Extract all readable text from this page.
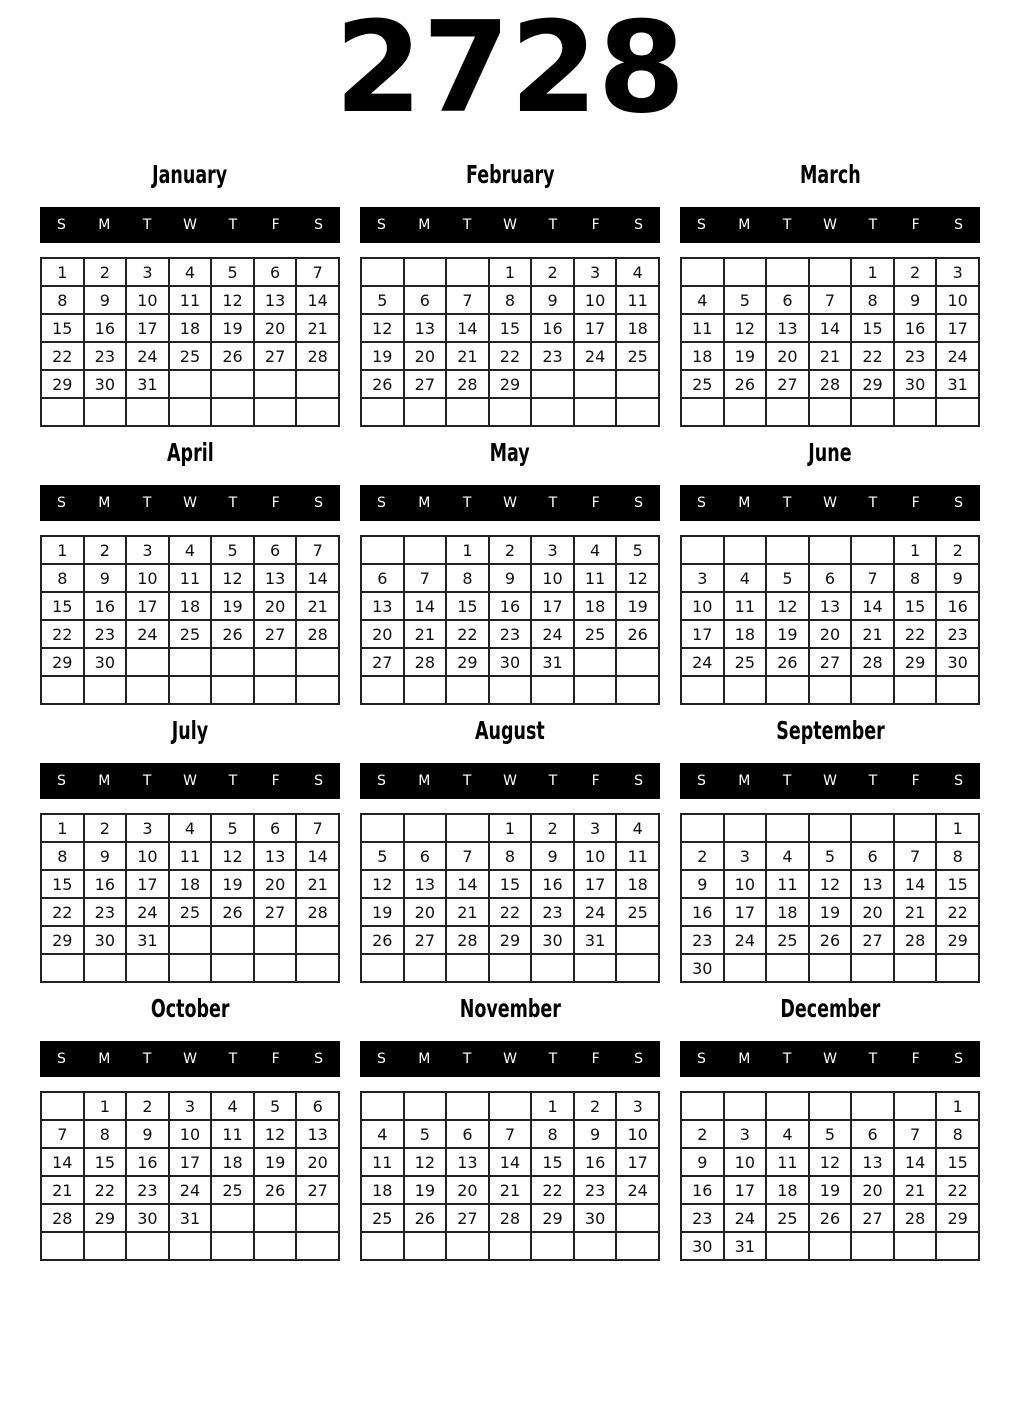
2728
January
S	M	T	W	T	F	S
1	2	3	4	5	6	7
8	9	10	11	12	13	14
15	16	17	18	19	20	21
22	23	24	25	26	27	28
29	30	31				

February
S	M	T	W	T	F	S
			1	2	3	4
5	6	7	8	9	10	11
12	13	14	15	16	17	18
19	20	21	22	23	24	25
26	27	28	29			

March
S	M	T	W	T	F	S
				1	2	3
4	5	6	7	8	9	10
11	12	13	14	15	16	17
18	19	20	21	22	23	24
25	26	27	28	29	30	31

April
S	M	T	W	T	F	S
1	2	3	4	5	6	7
8	9	10	11	12	13	14
15	16	17	18	19	20	21
22	23	24	25	26	27	28
29	30					

May
S	M	T	W	T	F	S
		1	2	3	4	5
6	7	8	9	10	11	12
13	14	15	16	17	18	19
20	21	22	23	24	25	26
27	28	29	30	31		

June
S	M	T	W	T	F	S
					1	2
3	4	5	6	7	8	9
10	11	12	13	14	15	16
17	18	19	20	21	22	23
24	25	26	27	28	29	30

July
S	M	T	W	T	F	S
1	2	3	4	5	6	7
8	9	10	11	12	13	14
15	16	17	18	19	20	21
22	23	24	25	26	27	28
29	30	31				

August
S	M	T	W	T	F	S
			1	2	3	4
5	6	7	8	9	10	11
12	13	14	15	16	17	18
19	20	21	22	23	24	25
26	27	28	29	30	31	

September
S	M	T	W	T	F	S
						1
2	3	4	5	6	7	8
9	10	11	12	13	14	15
16	17	18	19	20	21	22
23	24	25	26	27	28	29
30						
October
S	M	T	W	T	F	S
	1	2	3	4	5	6
7	8	9	10	11	12	13
14	15	16	17	18	19	20
21	22	23	24	25	26	27
28	29	30	31			

November
S	M	T	W	T	F	S
				1	2	3
4	5	6	7	8	9	10
11	12	13	14	15	16	17
18	19	20	21	22	23	24
25	26	27	28	29	30	

December
S	M	T	W	T	F	S
						1
2	3	4	5	6	7	8
9	10	11	12	13	14	15
16	17	18	19	20	21	22
23	24	25	26	27	28	29
30	31					
